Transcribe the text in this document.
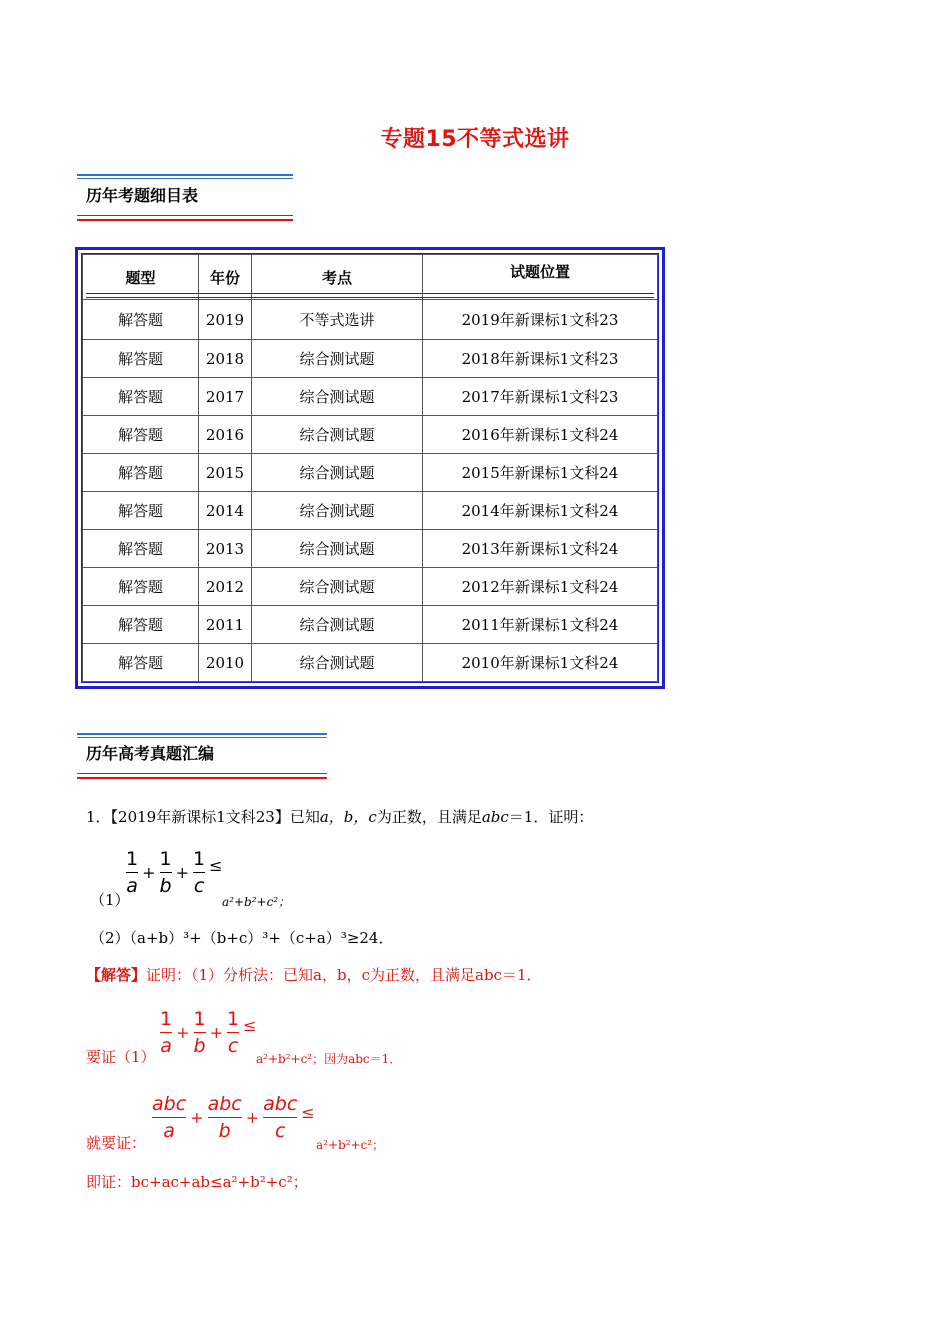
专题15不等式选讲
历年考题细目表
题型	年份	考点	试题位置
解答题	2019	不等式选讲	2019年新课标1文科23
解答题	2018	综合测试题	2018年新课标1文科23
解答题	2017	综合测试题	2017年新课标1文科23
解答题	2016	综合测试题	2016年新课标1文科24
解答题	2015	综合测试题	2015年新课标1文科24
解答题	2014	综合测试题	2014年新课标1文科24
解答题	2013	综合测试题	2013年新课标1文科24
解答题	2012	综合测试题	2012年新课标1文科24
解答题	2011	综合测试题	2011年新课标1文科24
解答题	2010	综合测试题	2010年新课标1文科24
历年高考真题汇编
1．【2019年新课标1文科23】已知a，b，c为正数，且满足abc＝1．证明：
$\frac{1}{a} + \frac{1}{b} + \frac{1}{c}$ ≤
（1）	a²+b²+c²；
（2）（a+b）³+（b+c）³+（c+a）³≥24．
【解答】证明：（1）分析法：已知a，b，c为正数，且满足abc＝1．
$\frac{1}{a} + \frac{1}{b} + \frac{1}{c}$ ≤
要证（1）	a²+b²+c²；因为abc＝1．
$\frac{\text{abc}}{a} + \frac{\text{abc}}{b} + \frac{\text{abc}}{c}$ ≤
就要证：	a²+b²+c²；
即证：bc+ac+ab≤a²+b²+c²；
